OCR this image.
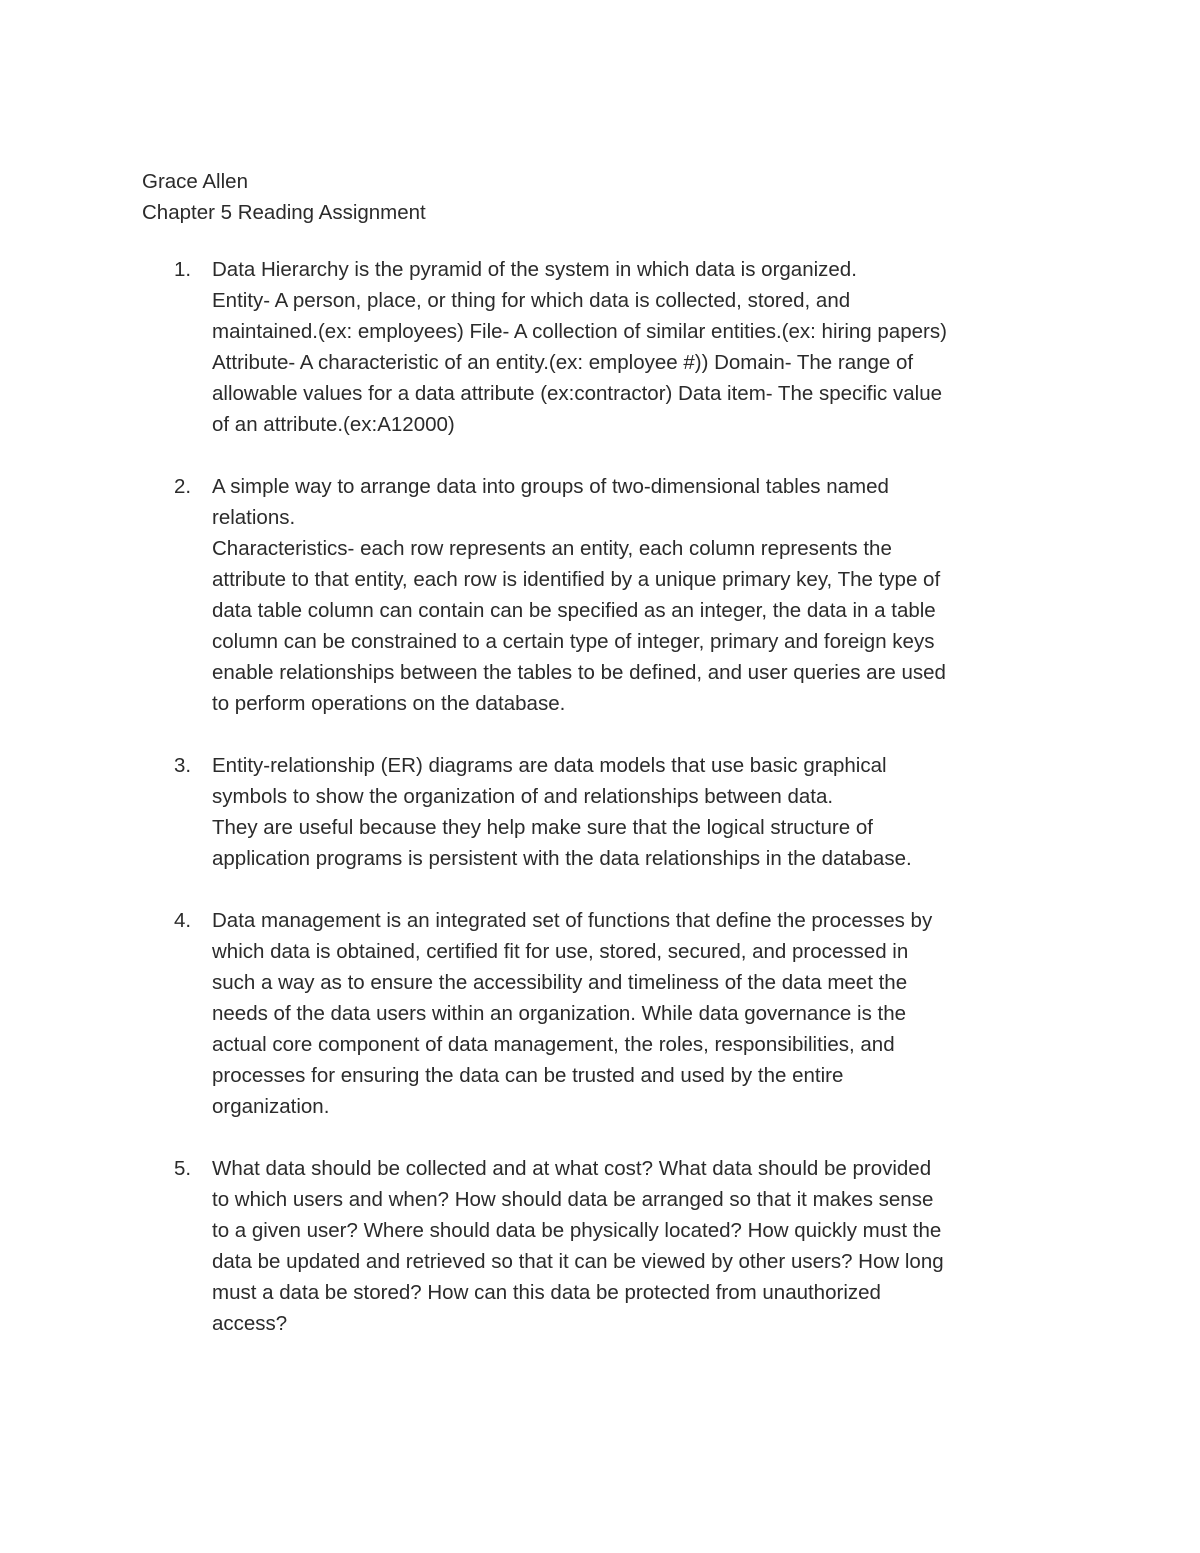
Grace Allen
Chapter 5 Reading Assignment
1. Data Hierarchy is the pyramid of the system in which data is organized.
Entity- A person, place, or thing for which data is collected, stored, and
maintained.(ex: employees) File- A collection of similar entities.(ex: hiring papers)
Attribute- A characteristic of an entity.(ex: employee #)) Domain- The range of
allowable values for a data attribute (ex:contractor) Data item- The specific value
of an attribute.(ex:A12000)
2. A simple way to arrange data into groups of two-dimensional tables named
relations.
Characteristics- each row represents an entity, each column represents the
attribute to that entity, each row is identified by a unique primary key, The type of
data table column can contain can be specified as an integer, the data in a table
column can be constrained to a certain type of integer, primary and foreign keys
enable relationships between the tables to be defined, and user queries are used
to perform operations on the database.
3. Entity-relationship (ER) diagrams are data models that use basic graphical
symbols to show the organization of and relationships between data.
They are useful because they help make sure that the logical structure of
application programs is persistent with the data relationships in the database.
4. Data management is an integrated set of functions that define the processes by
which data is obtained, certified fit for use, stored, secured, and processed in
such a way as to ensure the accessibility and timeliness of the data meet the
needs of the data users within an organization. While data governance is the
actual core component of data management, the roles, responsibilities, and
processes for ensuring the data can be trusted and used by the entire
organization.
5. What data should be collected and at what cost? What data should be provided
to which users and when? How should data be arranged so that it makes sense
to a given user? Where should data be physically located? How quickly must the
data be updated and retrieved so that it can be viewed by other users? How long
must a data be stored? How can this data be protected from unauthorized
access?
